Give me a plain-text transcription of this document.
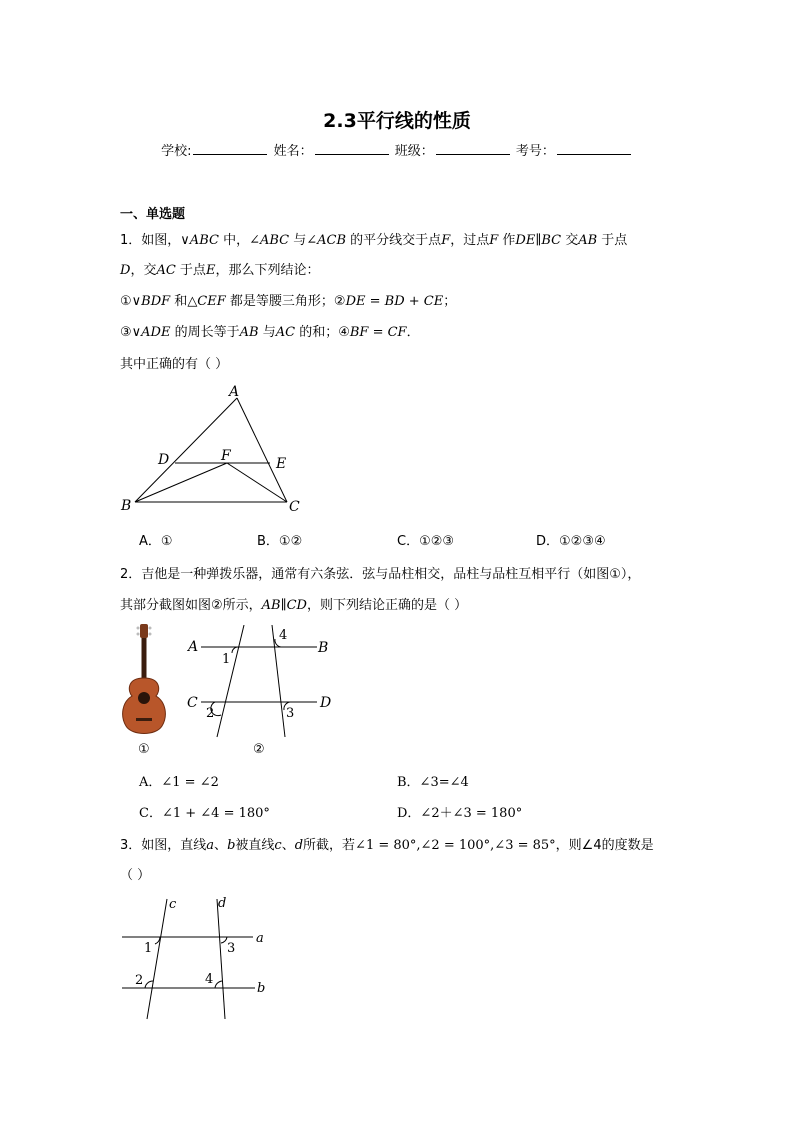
2.3平行线的性质
学校:	姓名：	班级：	考号：
一、单选题
1．如图，∨ABC 中，∠ABC 与∠ACB 的平分线交于点F，过点F 作DE∥BC 交AB 于点
D，交AC 于点E，那么下列结论：
①∨BDF 和△CEF 都是等腰三角形；②DE = BD + CE；
③∨ADE 的周长等于AB 与AC 的和；④BF = CF．
其中正确的有（ ）
A
B	C
D	E
F
A．①	B．①②	C．①②③	D．①②③④
2．吉他是一种弹拨乐器，通常有六条弦．弦与品柱相交，品柱与品柱互相平行（如图①），
其部分截图如图②所示，AB∥CD，则下列结论正确的是（ ）
A	B
C	D
1
2	3
4
①	②
A．∠1 = ∠2	B．∠3=∠4
C．∠1 + ∠4 = 180°	D．∠2＋∠3 = 180°
3．如图，直线a、b被直线c、d所截，若∠1 = 80°,∠2 = 100°,∠3 = 85°，则∠4的度数是
（ ）
c	d
a
b
1
2
3
4
